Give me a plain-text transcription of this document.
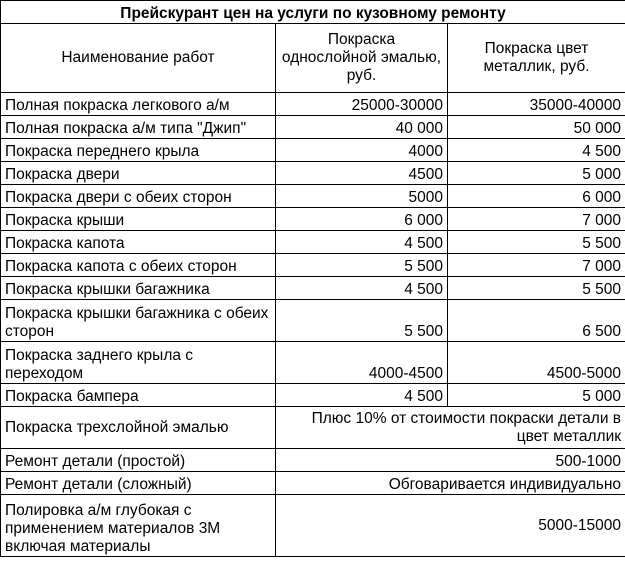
Прейскурант цен на услуги по кузовному ремонту		
Наименование работ	Покраска однослойной эмалью, руб.	Покраска цвет металлик, руб.
Полная покраска легкового а/м	25000-30000	35000-40000
Полная покраска а/м типа "Джип"	40 000	50 000
Покраска переднего крыла	4000	4 500
Покраска двери	4500	5 000
Покраска двери с обеих сторон	5000	6 000
Покраска крыши	6 000	7 000
Покраска капота	4 500	5 500
Покраска капота с обеих сторон	5 500	7 000
Покраска крышки багажника	4 500	5 500
Покраска крышки багажника с обеих сторон	5 500	6 500
Покраска заднего крыла с переходом	4000-4500	4500-5000
Покраска бампера	4 500	5 000
Покраска трехслойной эмалью	Плюс 10% от стоимости покраски детали в цвет металлик	
Ремонт детали (простой)	500-1000	
Ремонт детали (сложный)	Обговаривается индивидуально	
Полировка а/м глубокая с применением материалов 3М включая материалы	5000-15000	
